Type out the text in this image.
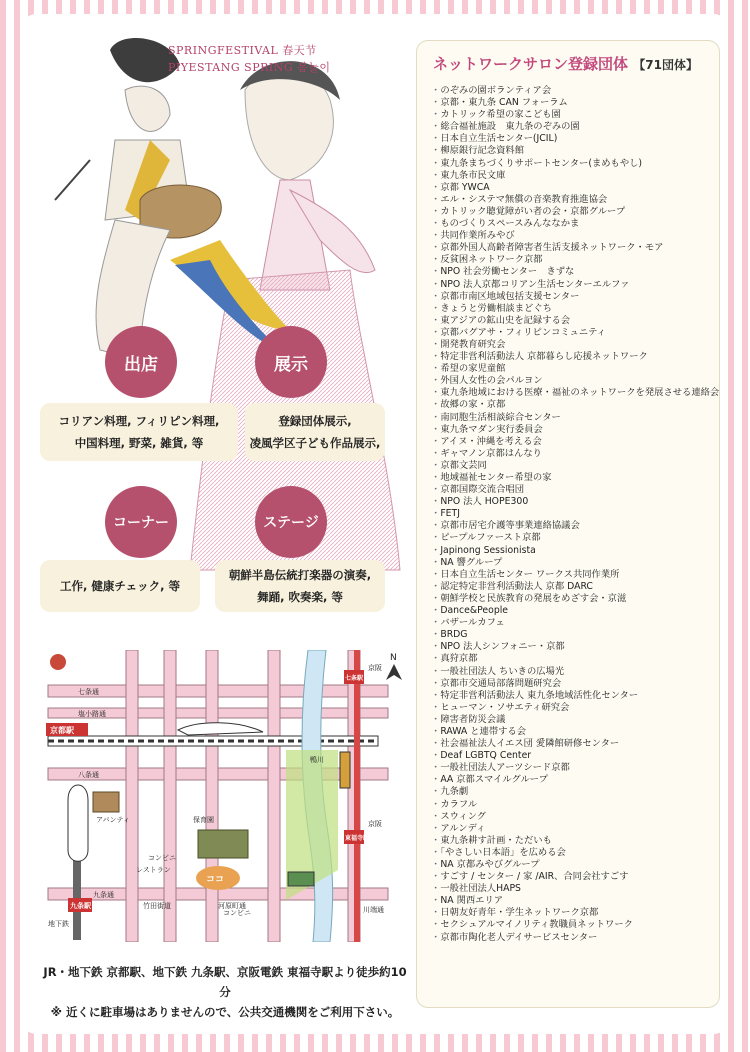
SPRINGFESTIVAL 春天节
PIYESTANG SPRING 봄놀이
出店	展示
コリアン料理, フィリピン料理,
中国料理, 野菜, 雑貨, 等
登録団体展示,
凌風学区子ども作品展示,
コーナー	ステージ
工作, 健康チェック, 等
朝鮮半島伝統打楽器の演奏,
舞踊, 吹奏楽, 等
ネットワークサロン登録団体 【71団体】
・ のぞみの園ボランティア会
・ 京都・東九条 CAN フォーラム
・ カトリック希望の家こども園
・ 総合福祉施設　東九条のぞみの園
・ 日本自立生活センター(JCIL)
・ 柳原銀行記念資料館
・ 東九条まちづくりサポートセンター(まめもやし)
・ 東九条市民文庫
・ 京都 YWCA
・ エル・システマ無償の音楽教育推進協会
・ カトリック聴覚障がい者の会・京都グループ
・ ものづくりスペースみんななかま
・ 共同作業所みやび
・ 京都外国人高齢者障害者生活支援ネットワーク・モア
・ 反貧困ネットワーク京都
・ NPO 社会労働センター　きずな
・ NPO 法人京都コリアン生活センターエルファ
・ 京都市南区地域包括支援センター
・ きょうと労働相談まどぐち
・ 東アジアの鉱山史を記録する会
・ 京都バグアサ・フィリピンコミュニティ
・ 開発教育研究会
・ 特定非営利活動法人 京都暮らし応援ネットワーク
・ 希望の家児童館
・ 外国人女性の会パルヨン
・ 東九条地域における医療・福祉のネットワークを発展させる連絡会
・ 故郷の家・京都
・ 南同胞生活相談綜合センター
・ 東九条マダン実行委員会
・ アイヌ・沖縄を考える会
・ ギャマノン京都はんなり
・ 京都文芸同
・ 地域福祉センター希望の家
・ 京都国際交流合唱団
・ NPO 法人 HOPE300
・ FETJ
・ 京都市居宅介護等事業連絡協議会
・ ピープルファースト京都
・ Japinong Sessionista
・ NA 響グループ
・ 日本自立生活センター ワークス共同作業所
・ 認定特定非営利活動法人 京都 DARC
・ 朝鮮学校と民族教育の発展をめざす会・京滋
・ Dance&People
・ バザールカフェ
・ BRDG
・ NPO 法人シンフォニー・京都
・ 真狩京都
・ 一般社団法人 ちいきの広場光
・ 京都市交通局部落問題研究会
・ 特定非営利活動法人 東九条地域活性化センター
・ ヒューマン・ソサエティ研究会
・ 障害者防災会議
・ RAWA と連帯する会
・ 社会福祉法人イエス団 愛隣館研修センター
・ Deaf LGBTQ Center
・ 一般社団法人アーツシード京都
・ AA 京都スマイルグループ
・ 九条劇
・ カラフル
・ スウィング
・ アルンディ
・ 東九条耕す計画・ただいも
・ 「やさしい日本語」を広める会
・ NA 京都みやびグループ
・ すごす / センター / 家 /AIR、合同会社すごす
・ 一般社団法人HAPS
・ NA 関西エリア
・ 日朝友好青年・学生ネットワーク京都
・ セクシュアルマイノリティ教職員ネットワーク
・ 京都市陶化老人デイサービスセンター
七条通
塩小路通
八条通
九条通
竹田街道	河原町通	川端通
鴨川
アバンティ	保育園
コンビニ
コンビニ
レストラン
京阪
京阪
地下鉄
N
京都駅
七条駅
東福寺駅
九条駅
ココ
JR・地下鉄 京都駅、地下鉄 九条駅、京阪電鉄 東福寺駅より徒歩約10分
※ 近くに駐車場はありませんので、公共交通機関をご利用下さい。
